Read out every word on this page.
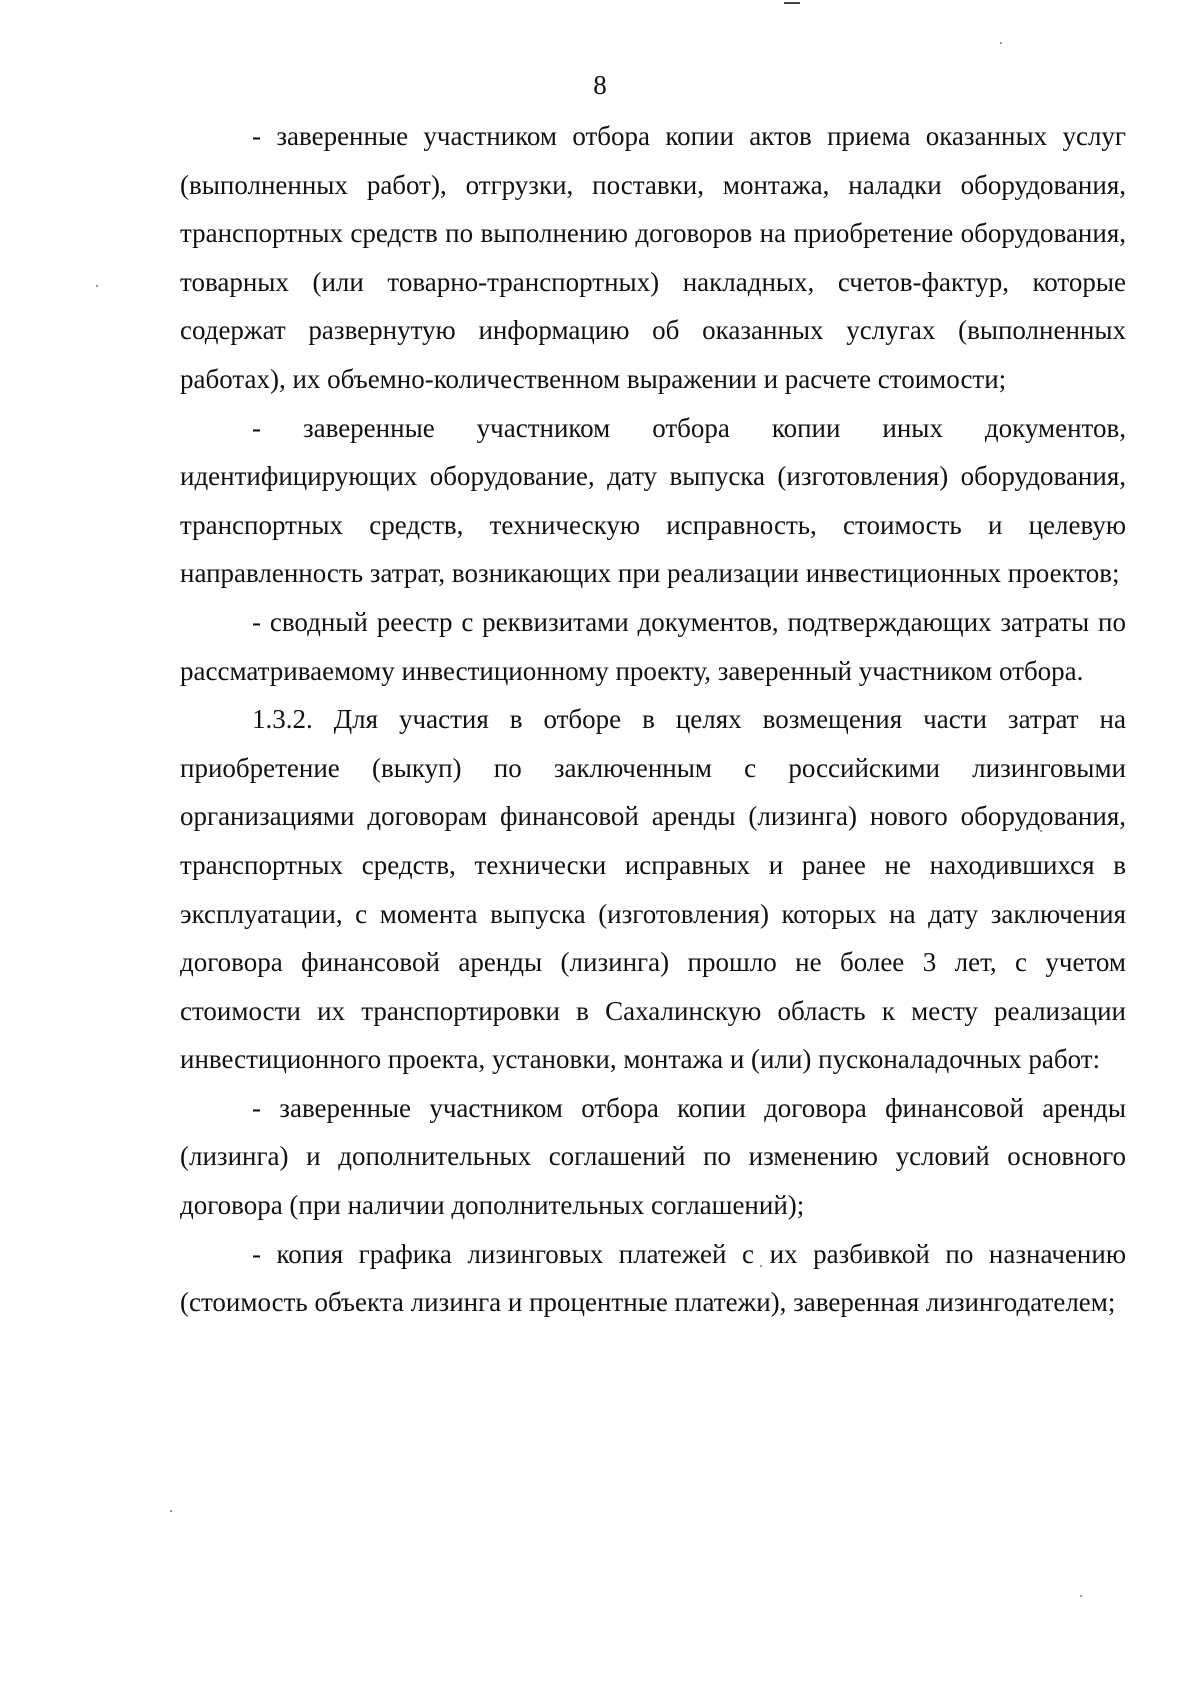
8

- заверенные участником отбора копии актов приема оказанных услуг (выполненных работ), отгрузки, поставки, монтажа, наладки оборудования, транспортных средств по выполнению договоров на приобретение оборудования, товарных (или товарно-транспортных) накладных, счетов-фактур, которые содержат развернутую информацию об оказанных услугах (выполненных работах), их объемно-количественном выражении и расчете стоимости;

- заверенные участником отбора копии иных документов, идентифицирующих оборудование, дату выпуска (изготовления) оборудования, транспортных средств, техническую исправность, стоимость и целевую направленность затрат, возникающих при реализации инвестиционных проектов;

- сводный реестр с реквизитами документов, подтверждающих затраты по рассматриваемому инвестиционному проекту, заверенный участником отбора.

1.3.2. Для участия в отборе в целях возмещения части затрат на приобретение (выкуп) по заключенным с российскими лизинговыми организациями договорам финансовой аренды (лизинга) нового оборудования, транспортных средств, технически исправных и ранее не находившихся в эксплуатации, с момента выпуска (изготовления) которых на дату заключения договора финансовой аренды (лизинга) прошло не более 3 лет, с учетом стоимости их транспортировки в Сахалинскую область к месту реализации инвестиционного проекта, установки, монтажа и (или) пусконаладочных работ:

- заверенные участником отбора копии договора финансовой аренды (лизинга) и дополнительных соглашений по изменению условий основного договора (при наличии дополнительных соглашений);

- копия графика лизинговых платежей с их разбивкой по назначению (стоимость объекта лизинга и процентные платежи), заверенная лизингодателем;
